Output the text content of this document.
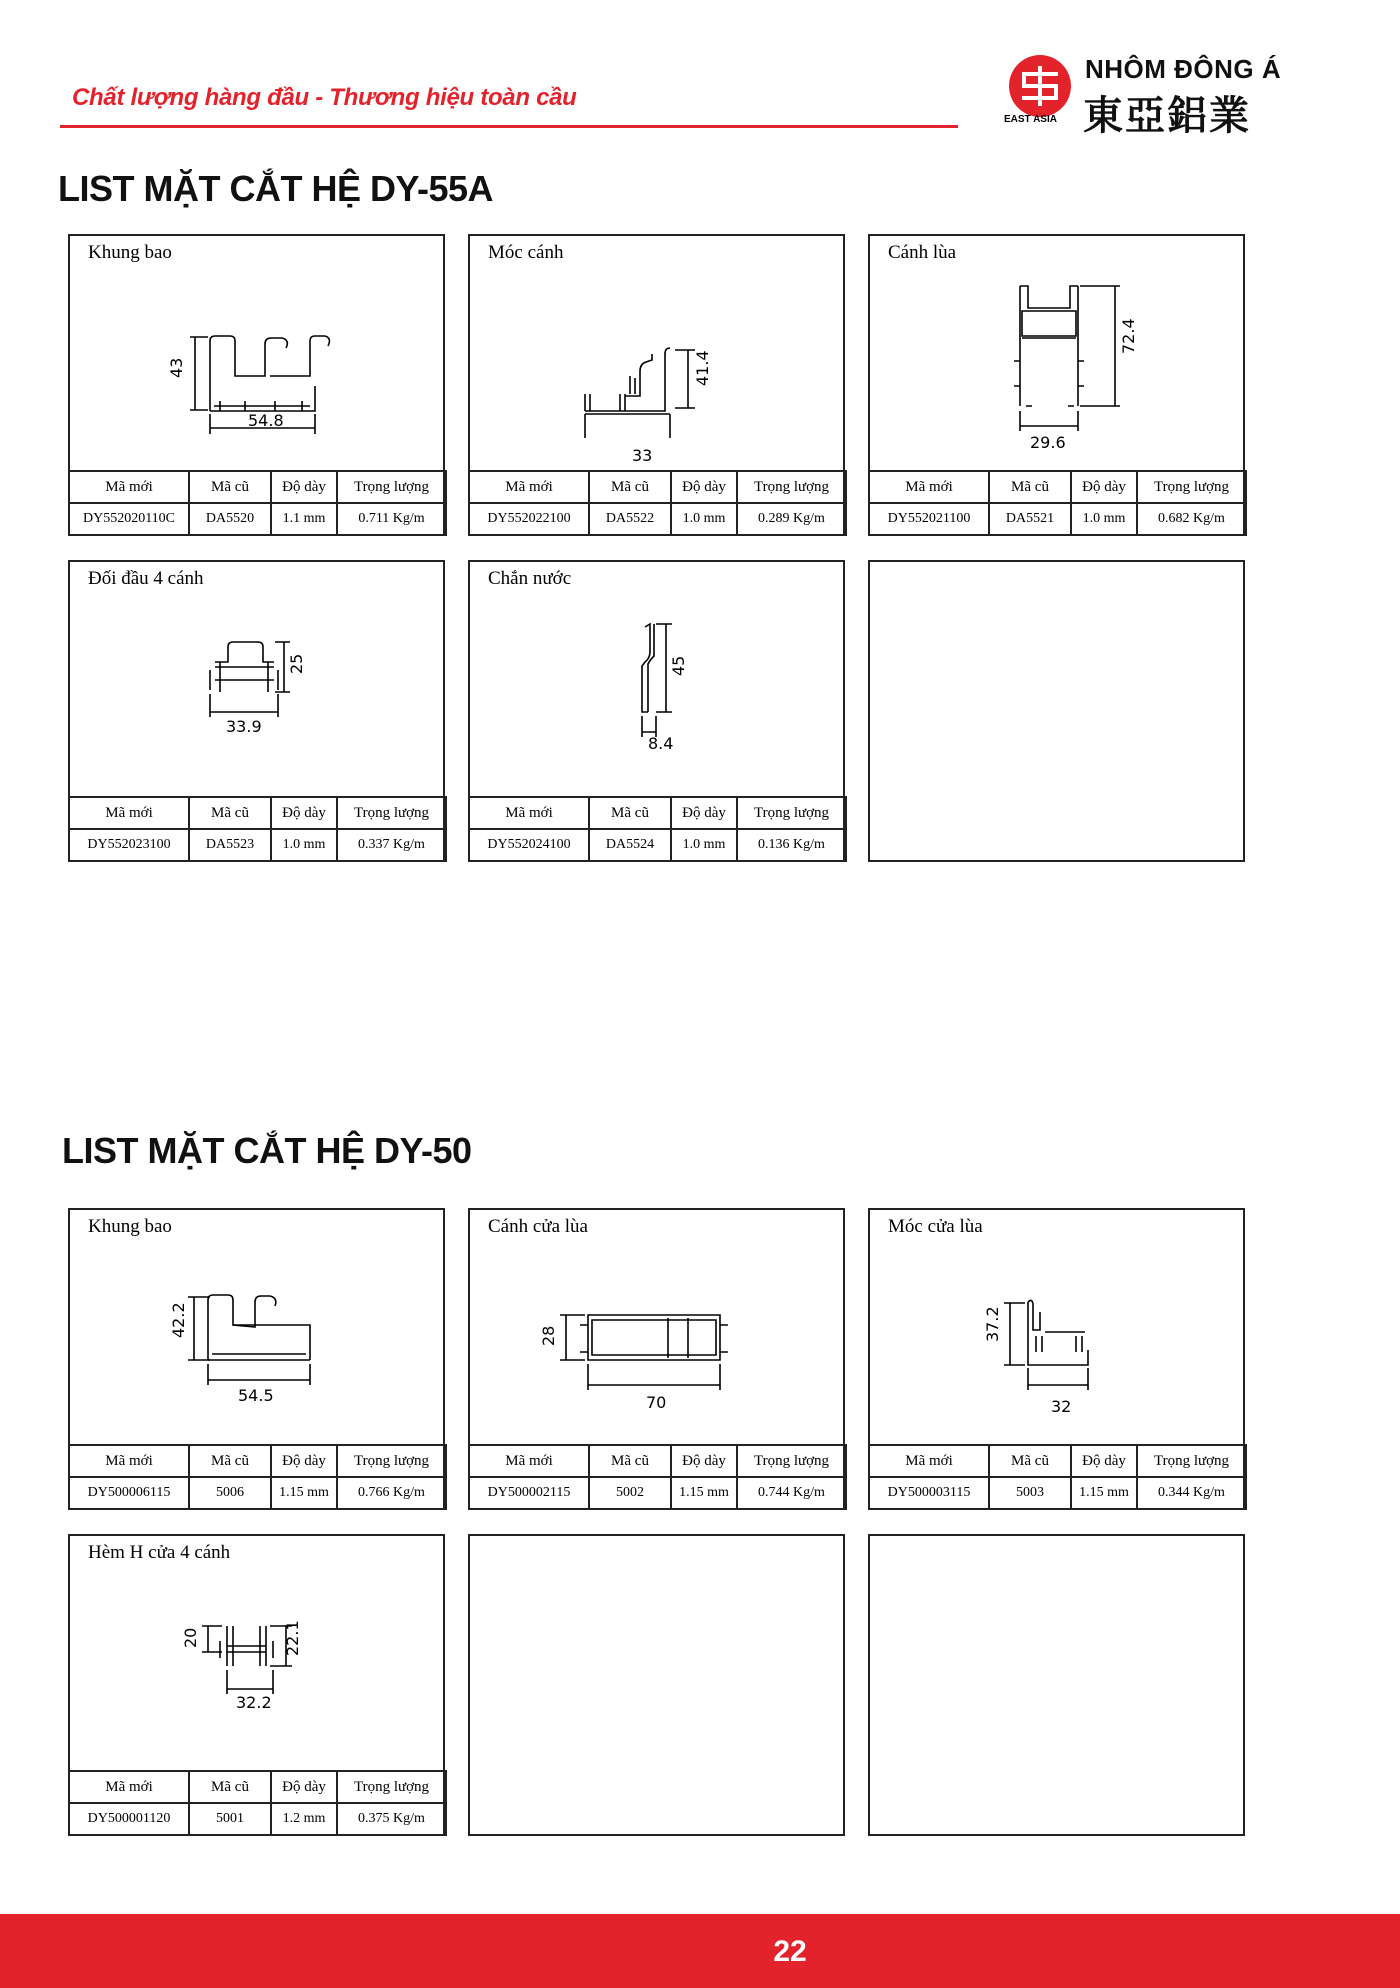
Chất lượng hàng đầu - Thương hiệu toàn cầu
EAST ASIA
NHÔM ĐÔNG Á
東亞鋁業
LIST MẶT CẮT HỆ DY-55A
Khung bao
43
54.8
Mã mới	Mã cũ	Độ dày	Trọng lượng
DY552020110C	DA5520	1.1 mm	0.711 Kg/m
Móc cánh
33
41.4
Mã mới	Mã cũ	Độ dày	Trọng lượng
DY552022100	DA5522	1.0 mm	0.289 Kg/m
Cánh lùa
29.6
72.4
Mã mới	Mã cũ	Độ dày	Trọng lượng
DY552021100	DA5521	1.0 mm	0.682 Kg/m
Đối đầu 4 cánh
33.9
25
Mã mới	Mã cũ	Độ dày	Trọng lượng
DY552023100	DA5523	1.0 mm	0.337 Kg/m
Chắn nước
8.4
45
Mã mới	Mã cũ	Độ dày	Trọng lượng
DY552024100	DA5524	1.0 mm	0.136 Kg/m
LIST MẶT CẮT HỆ DY-50
Khung bao
54.5
42.2
Mã mới	Mã cũ	Độ dày	Trọng lượng
DY500006115	5006	1.15 mm	0.766 Kg/m
Cánh cửa lùa
70
28
Mã mới	Mã cũ	Độ dày	Trọng lượng
DY500002115	5002	1.15 mm	0.744 Kg/m
Móc cửa lùa
32
37.2
Mã mới	Mã cũ	Độ dày	Trọng lượng
DY500003115	5003	1.15 mm	0.344 Kg/m
Hèm H cửa 4 cánh
32.2
20	22.1
Mã mới	Mã cũ	Độ dày	Trọng lượng
DY500001120	5001	1.2 mm	0.375 Kg/m
22
